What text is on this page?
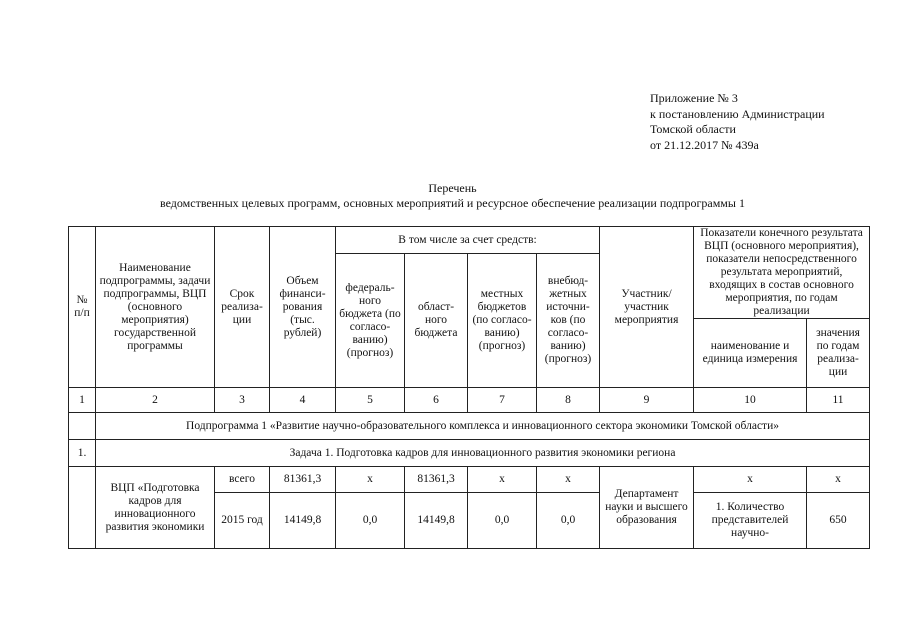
Приложение № 3
к постановлению Администрации
Томской области
от 21.12.2017 № 439а
Перечень
ведомственных целевых программ, основных мероприятий и ресурсное обеспечение реализации подпрограммы 1
№ п/п	Наименование подпрограммы, задачи подпрограммы, ВЦП (основного мероприятия) государственной программы	Срок реализа-ции	Объем финанси-рования (тыс. рублей)	В том числе за счет средств:				Участник/ участник мероприятия	Показатели конечного результата ВЦП (основного мероприятия), показатели непосредственного результата мероприятий, входящих в состав основного мероприятия, по годам реализации	
				федераль-ного бюджета (по согласо-ванию) (прогноз)	област-ного бюджета	местных бюджетов (по согласо-ванию) (прогноз)	внебюд-жетных источни-ков (по согласо-ванию) (прогноз)			
									наименование и единица измерения	значения по годам реализа-ции
1	2	3	4	5	6	7	8	9	10	11
	Подпрограмма 1 «Развитие научно-образовательного комплекса и инновационного сектора экономики Томской области»									
1.	Задача 1. Подготовка кадров для инновационного развития экономики региона									
	ВЦП «Подготовка кадров для инновационного развития экономики	всего	81361,3	х	81361,3	х	х	Департамент науки и высшего образования	х	х
		2015 год	14149,8	0,0	14149,8	0,0	0,0		1. Количество представителей научно-	650
